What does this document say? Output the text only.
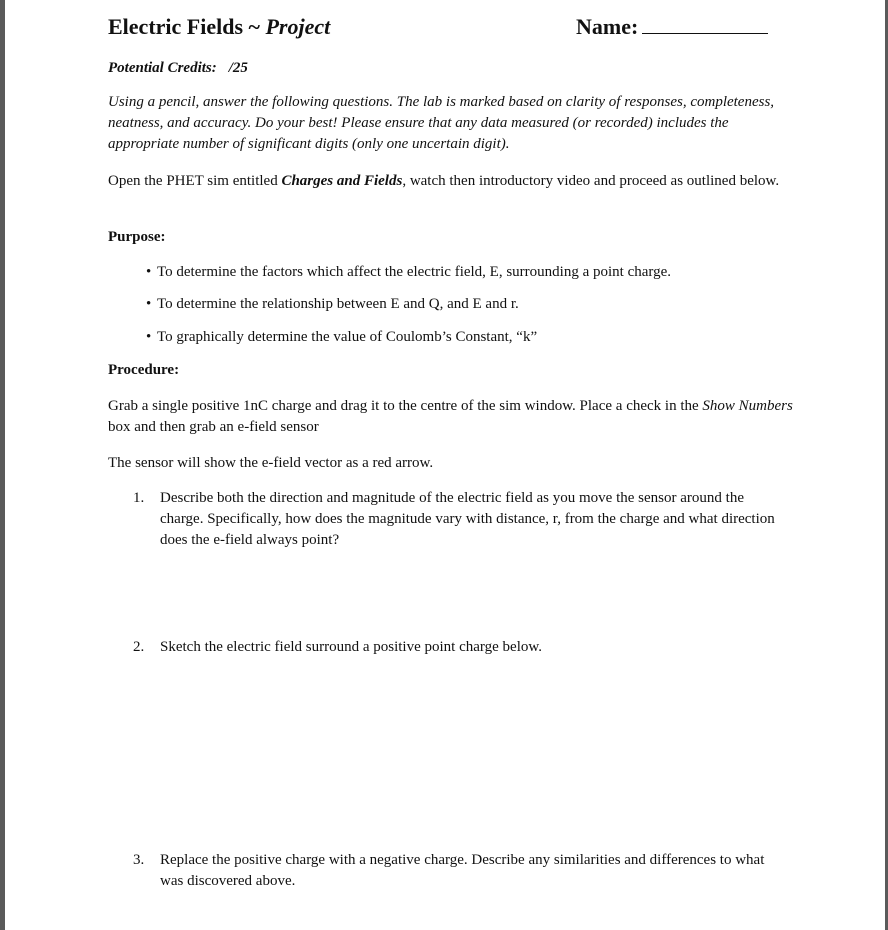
Electric Fields ~ Project	Name:
Potential Credits: /25
Using a pencil, answer the following questions. The lab is marked based on clarity of responses, completeness, neatness, and accuracy. Do your best! Please ensure that any data measured (or recorded) includes the appropriate number of significant digits (only one uncertain digit).
Open the PHET sim entitled Charges and Fields, watch then introductory video and proceed as outlined below.
Purpose:
• To determine the factors which affect the electric field, E, surrounding a point charge.
• To determine the relationship between E and Q, and E and r.
• To graphically determine the value of Coulomb’s Constant, “k”
Procedure:
Grab a single positive 1nC charge and drag it to the centre of the sim window. Place a check in the Show Numbers box and then grab an e-field sensor
The sensor will show the e-field vector as a red arrow.
1. Describe both the direction and magnitude of the electric field as you move the sensor around the charge. Specifically, how does the magnitude vary with distance, r, from the charge and what direction does the e-field always point?
2. Sketch the electric field surround a positive point charge below.
3. Replace the positive charge with a negative charge. Describe any similarities and differences to what was discovered above.
